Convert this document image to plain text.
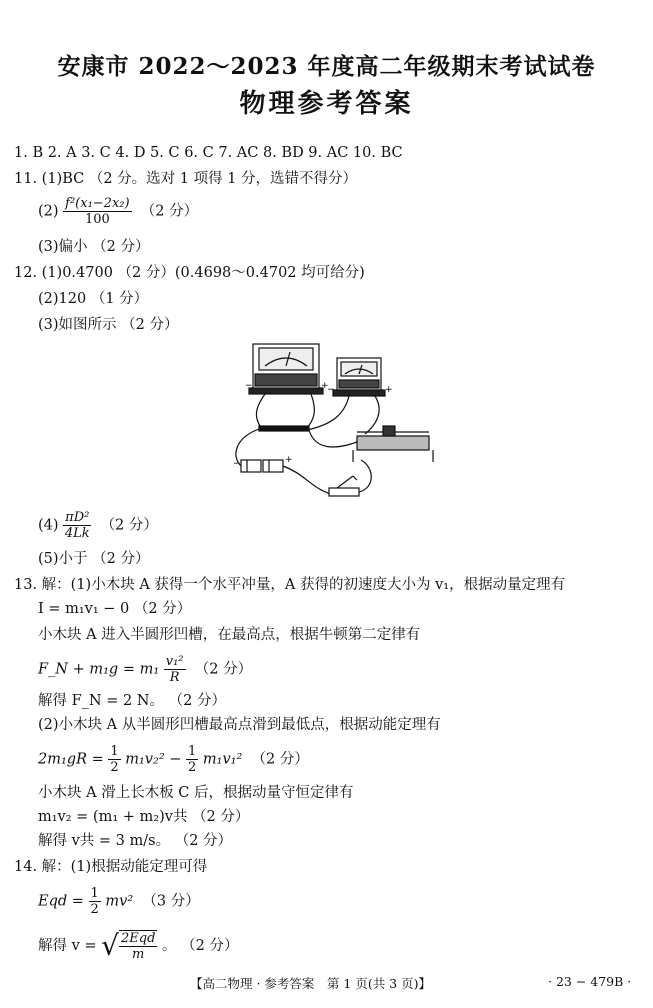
安康市 2022～2023 年度高二年级期末考试试卷
物理参考答案
1. B 2. A 3. C 4. D 5. C 6. C 7. AC 8. BD 9. AC 10. BC
11. (1)BC （2 分。选对 1 项得 1 分，选错不得分）
$(2) \frac{\text{f²(x₁−2x₂)}}{100} (2$ 分）
(3)偏小 （2 分）
12. (1)0.4700 （2 分）(0.4698～0.4702 均可给分)
(2)120 （1 分）
(3)如图所示 （2 分）
−	+
−	+
−	+
$(4) \frac{\text{πD²}}{4Lk} (2$ 分）
(5)小于 （2 分）
13. 解：(1)小木块 A 获得一个水平冲量，A 获得的初速度大小为 v₁，根据动量定理有
I = m₁v₁ − 0 （2 分）
小木块 A 进入半圆形凹槽，在最高点，根据牛顿第二定律有
F_N + $m_1g = m_1 \frac{\text{v₁²}}{R} (2$ 分）
解得 F_N = 2 N。 （2 分）
(2)小木块 A 从半圆形凹槽最高点滑到最低点，根据动能定理有
$2m_1gR = \frac{1}{2} m_1v_2^2 - \frac{1}{2} m_1v_1^2$ （2 分）
小木块 A 滑上长木板 C 后，根据动量守恒定律有
m₁v₂ = (m₁ + m₂)v共 （2 分）
解得 v共 = 3 m/s。 （2 分）
14. 解：(1)根据动能定理可得
Eqd = $\frac{1}{2} mv^2$ （3 分）
解得 v = √ $\frac{\text{2Eqd}}{m}$ 。 （2 分）
【高二物理 · 参考答案　第 1 页(共 3 页)】	· 23 − 479B ·
